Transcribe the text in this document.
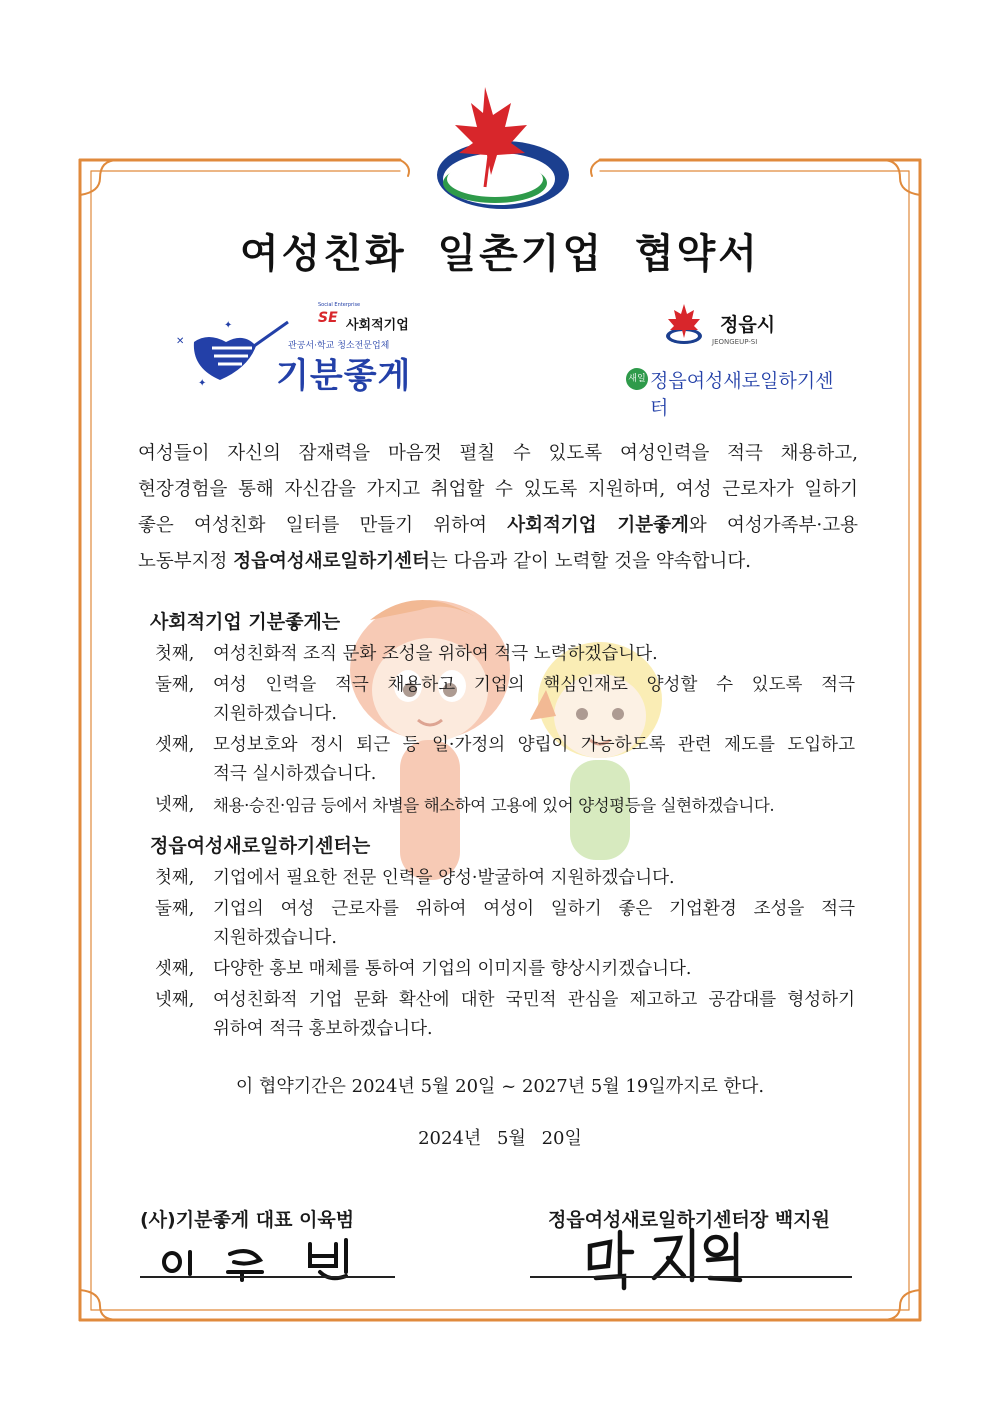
여성친화 일촌기업 협약서
✕
✦
✦
SE
Social Enterprise
사회적기업
관공서·학교 청소전문업체
기분좋게
정읍시
JEONGEUP-SI
새일 정읍여성새로일하기센터

여성들이 자신의 잠재력을 마음껏 펼칠 수 있도록 여성인력을 적극 채용하고,

현장경험을 통해 자신감을 가지고 취업할 수 있도록 지원하며, 여성 근로자가 일하기

좋은 여성친화 일터를 만들기 위하여 사회적기업 기분좋게와 여성가족부·고용

노동부지정 정읍여성새로일하기센터는 다음과 같이 노력할 것을 약속합니다.

사회적기업 기분좋게는
첫째,	여성친화적 조직 문화 조성을 위하여 적극 노력하겠습니다.
둘째,	여성 인력을 적극 채용하고 기업의 핵심인재로 양성할 수 있도록 적극
지원하겠습니다.
셋째,	모성보호와 정시 퇴근 등 일·가정의 양립이 가능하도록 관련 제도를 도입하고
적극 실시하겠습니다.
넷째,	채용·승진·임금 등에서 차별을 해소하여 고용에 있어 양성평등을 실현하겠습니다.
정읍여성새로일하기센터는
첫째,	기업에서 필요한 전문 인력을 양성·발굴하여 지원하겠습니다.
둘째,	기업의 여성 근로자를 위하여 여성이 일하기 좋은 기업환경 조성을 적극
지원하겠습니다.
셋째,	다양한 홍보 매체를 통하여 기업의 이미지를 향상시키겠습니다.
넷째,	여성친화적 기업 문화 확산에 대한 국민적 관심을 제고하고 공감대를 형성하기
위하여 적극 홍보하겠습니다.
이 협약기간은 2024년 5월 20일 ~ 2027년 5월 19일까지로 한다.
2024년 5월 20일
(사)기분좋게 대표 이육범	정읍여성새로일하기센터장 백지원
